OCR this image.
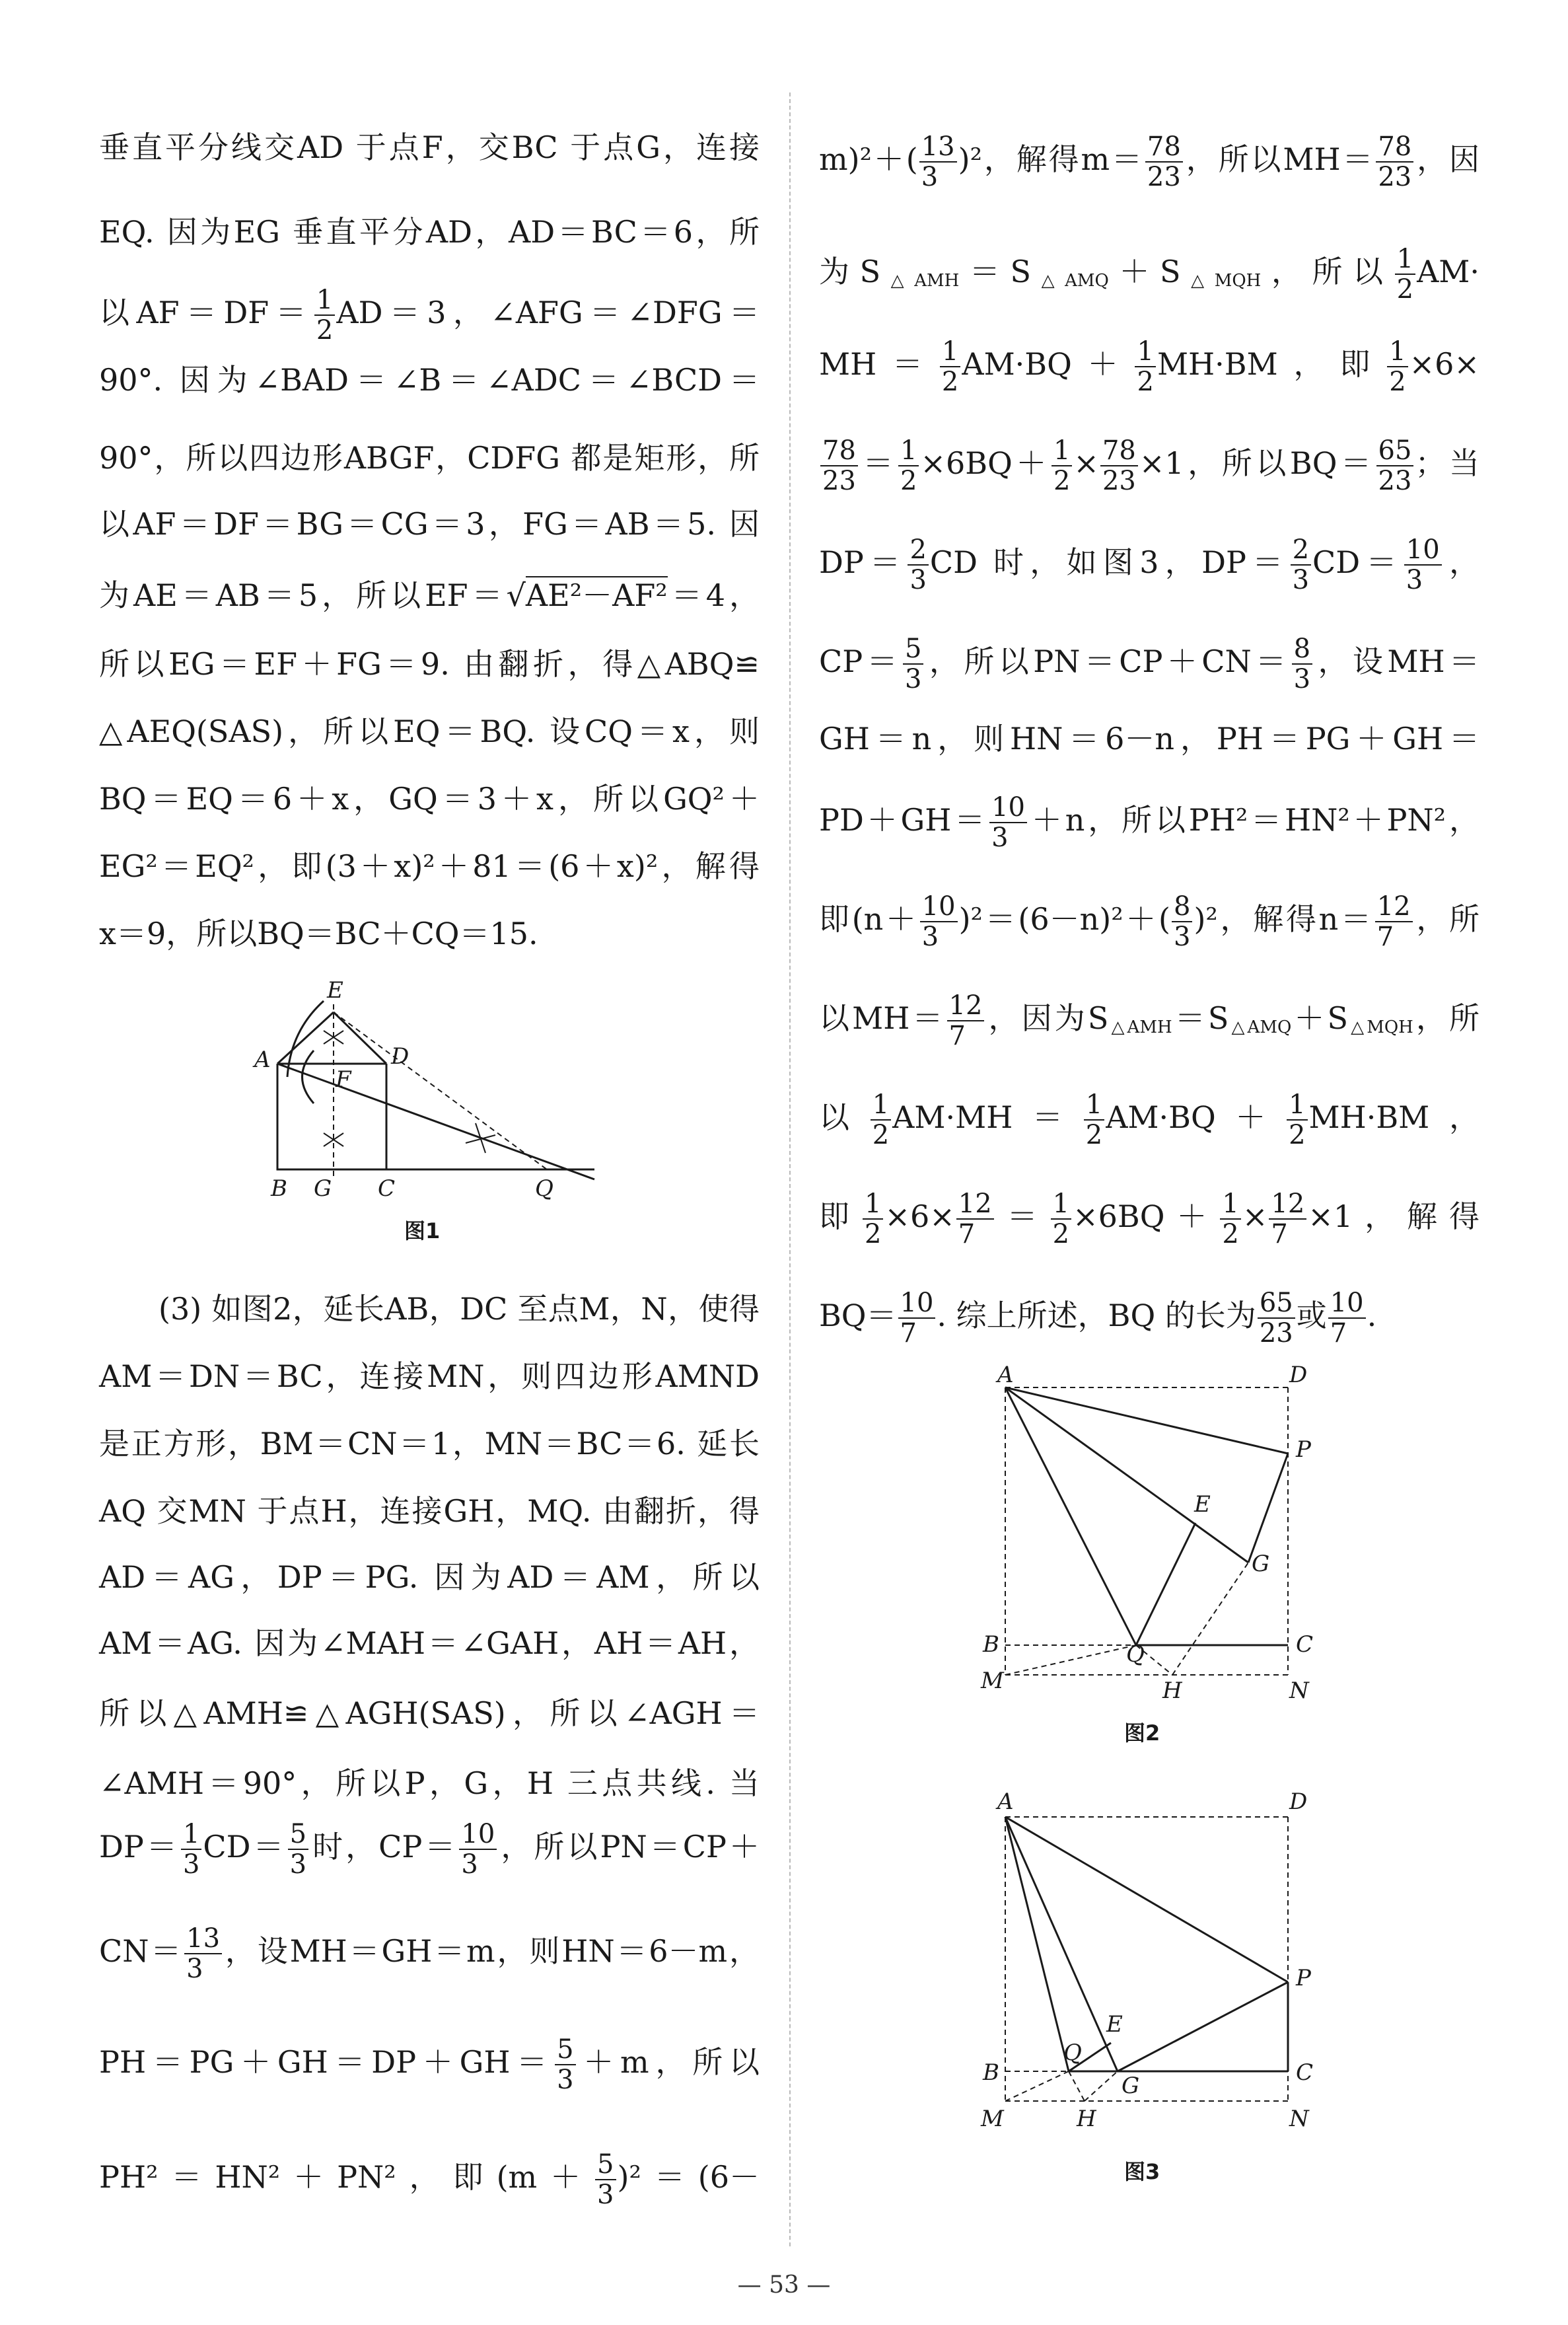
垂直平分线交AD 于点F，交BC 于点G，连接
EQ. 因为EG 垂直平分AD，AD＝BC＝6，所
以$AF=DF= \frac{1}{2} AD=3$，∠AFG＝∠DFG＝
90°. 因为∠BAD＝∠B＝∠ADC＝∠BCD＝
90°，所以四边形ABGF，CDFG 都是矩形，所
以AF＝DF＝BG＝CG＝3，FG＝AB＝5. 因
为AE＝AB＝5，所以EF＝√AE²－AF²＝4，
所以EG＝EF＋FG＝9. 由翻折，得△ABQ≌
△AEQ(SAS)，所以EQ＝BQ. 设CQ＝x，则
BQ＝EQ＝6＋x，GQ＝3＋x，所以GQ²＋
EG²＝EQ²，即(3＋x)²＋81＝(6＋x)²，解得
x＝9，所以BQ＝BC＋CQ＝15.
(3) 如图2，延长AB，DC 至点M，N，使得
AM＝DN＝BC，连接MN，则四边形AMND
是正方形，BM＝CN＝1，MN＝BC＝6. 延长
AQ 交MN 于点H，连接GH，MQ. 由翻折，得
AD＝AG，DP＝PG. 因为AD＝AM，所以
AM＝AG. 因为∠MAH＝∠GAH，AH＝AH，
所以△AMH≌△AGH(SAS)，所以∠AGH＝
∠AMH＝90°，所以P，G，H 三点共线. 当
$DP= \frac{1}{3} CD= \frac{5}{3}$ 时，$CP= \frac{10}{3}$ ，所以PN＝CP＋
$CN= \frac{13}{3}$ ，设MH＝GH＝m，则HN＝6－m，
$PH=PG+GH=DP+GH= \frac{5}{3} +m$，所以
PH²＝HN²＋PN²，即$(m+ \frac{5}{3} )^2=(6-$
$m)^2+( \frac{13}{3} )^2$，解得$m= \frac{78}{23}$ ，所以$MH= \frac{78}{23}$ ，因
为$S_{\triangle AMH}=S_{\triangle AMQ}+S_{\triangle MQH}$，所以 $\frac{1}{2} AM\cdot$
$MH= \frac{1}{2} AM\cdot BQ+ \frac{1}{2} MH\cdot BM$，即 $\frac{1}{2} \times 6\times$
$\frac{78}{23} = \frac{1}{2} \times 6BQ+ \frac{1}{2} \times \frac{78}{23} \times 1$，所以$BQ= \frac{65}{23}$ ；当
$DP= \frac{2}{3}$ CD 时，如图3，$DP= \frac{2}{3} CD= \frac{10}{3}$ ，
$CP= \frac{5}{3}$ ，所以$PN=CP+CN= \frac{8}{3}$ ，设MH＝
GH＝n，则HN＝6－n，PH＝PG＋GH＝
$PD+GH= \frac{10}{3} +n$，所以PH²＝HN²＋PN²，
即$(n+ \frac{10}{3} )^2=(6-n)^2+( \frac{8}{3} )^2$，解得$n= \frac{12}{7}$ ，所
以$MH= \frac{12}{7}$ ，因为$S_{\triangle AMH}=S_{\triangle AMQ}+S_{\triangle MQH}$，所
以 $\frac{1}{2} AM\cdot MH= \frac{1}{2} AM\cdot BQ+ \frac{1}{2} MH\cdot BM$，
即 $\frac{1}{2} \times 6\times \frac{12}{7} = \frac{1}{2} \times 6BQ+ \frac{1}{2} \times \frac{12}{7} \times 1$，解得
$BQ= \frac{10}{7}$ . 综上所述，BQ 的长为 $\frac{65}{23}$ 或 $\frac{10}{7}$ .
E
A
F
D
B G C	Q
图1
A	D
P
E
G
B	Q	C
M	H	N
图2
A	D
P
E
Q
B	G	C
M	H	N
图3
— 53 —
